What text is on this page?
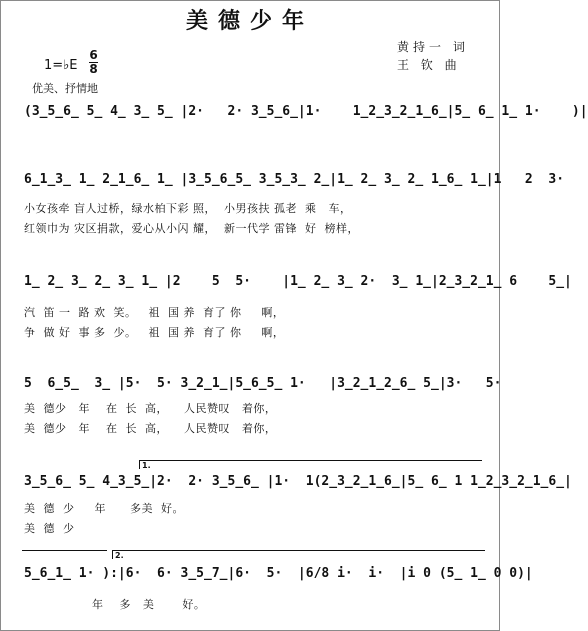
美德少年
黄持一 词
王 钦 曲
1=♭E
6
8
优美、抒情地
(3̲5̲6̲ 5̲ 4̲ 3̲ 5̲ |2·   2· 3̲5̲6̲|1·    1̲2̲3̲2̲1̲6̲|5̲ 6̲ 1̲ 1·    )|
6̲1̲3̲ 1̲ 2̲1̲6̲ 1̲ |3̲5̲6̲5̲ 3̲5̲3̲ 2̲|1̲ 2̲ 3̲ 2̲ 1̲6̲ 1̲|1   2  3·
小女孩牵 盲人过桥，绿水柏下彩 照，  小男孩扶 孤老  乘   车，
红领巾为 灾区捐款，爱心从小闪 耀，  新一代学 雷锋  好  榜样，
1̲ 2̲ 3̲ 2̲ 3̲ 1̲ |2    5  5·    |1̲ 2̲ 3̲ 2·  3̲ 1̲|2̲3̲2̲1̲ 6    5̲|
汽  笛 一  路 欢  笑。   祖  国 养  育了 你     啊，
争  做 好  事 多  少。   祖  国 养  育了 你     啊，
5  6̲5̲  3̲ |5·  5· 3̲2̲1̲|5̲6̲5̲ 1·   |3̲2̲1̲2̲6̲ 5̲|3·   5·
美  德少   年    在  长  高，    人民赞叹   着你，
美  德少   年    在  长  高，    人民赞叹   着你，
1.
3̲5̲6̲ 5̲ 4̲3̲5̲|2·  2· 3̲5̲6̲ |1·  1(2̲3̲2̲1̲6̲|5̲ 6̲ 1 1̲2̲3̲2̲1̲6̲|
美  德  少     年      多美  好。
美  德  少
2.
5̲6̲1̲ 1· ):|6·  6· 3̲5̲7̲|6·  5·  |6/8 i·  i·  |i 0 (5̲ 1̲ 0 0)|
年    多   美       好。
